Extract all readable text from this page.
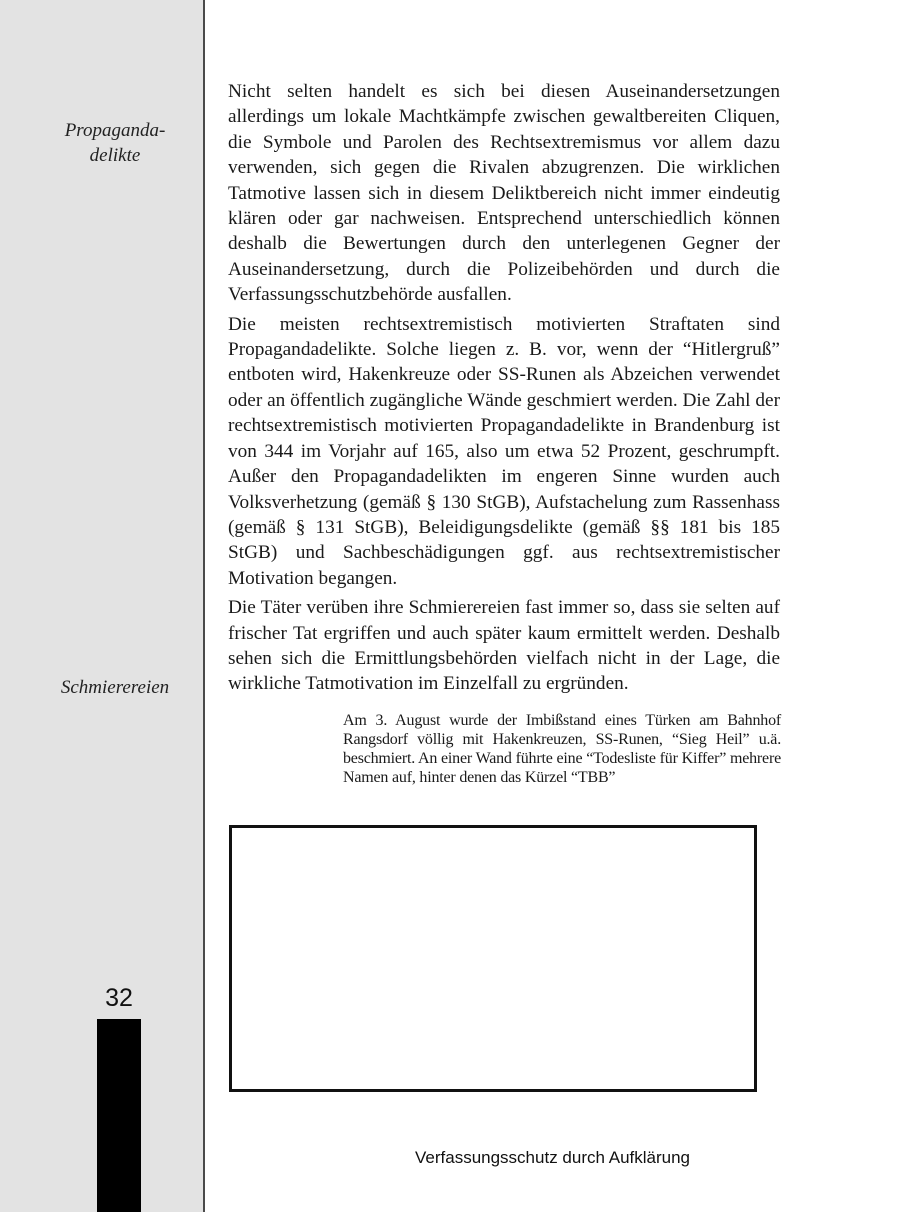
Propaganda-
delikte
Schmierereien
32

Nicht selten handelt es sich bei diesen Auseinandersetzungen allerdings um lokale Machtkämpfe zwischen gewaltbereiten Cliquen, die Symbole und Parolen des Rechtsextremismus vor allem dazu verwenden, sich gegen die Rivalen abzugrenzen. Die wirklichen Tatmotive lassen sich in diesem Deliktbereich nicht immer eindeutig klären oder gar nachweisen. Entsprechend unterschiedlich können deshalb die Bewertungen durch den unterlegenen Gegner der Auseinandersetzung, durch die Polizeibehörden und durch die Verfassungsschutzbehörde ausfallen.

Die meisten rechtsextremistisch motivierten Straftaten sind Propagandadelikte. Solche liegen z. B. vor, wenn der “Hitlergruß” entboten wird, Hakenkreuze oder SS-Runen als Abzeichen verwendet oder an öffentlich zugängliche Wände geschmiert werden. Die Zahl der rechtsextremistisch motivierten Propagandadelikte in Brandenburg ist von 344 im Vorjahr auf 165, also um etwa 52 Prozent, geschrumpft. Außer den Propagandadelikten im engeren Sinne wurden auch Volksverhetzung (gemäß § 130 StGB), Aufstachelung zum Rassenhass (gemäß § 131 StGB), Beleidigungsdelikte (gemäß §§ 181 bis 185 StGB) und Sachbeschädigungen ggf. aus rechtsextremistischer Motivation begangen.

Die Täter verüben ihre Schmierereien fast immer so, dass sie selten auf frischer Tat ergriffen und auch später kaum ermittelt werden. Deshalb sehen sich die Ermittlungsbehörden vielfach nicht in der Lage, die wirkliche Tatmotivation im Einzelfall zu ergründen.

Am 3. August wurde der Imbißstand eines Türken am Bahnhof Rangsdorf völlig mit Hakenkreuzen, SS-Runen, “Sieg Heil” u.ä. beschmiert. An einer Wand führte eine “Todesliste für Kiffer” mehrere Namen auf, hinter denen das Kürzel “TBB”
Verfassungsschutz durch Aufklärung
